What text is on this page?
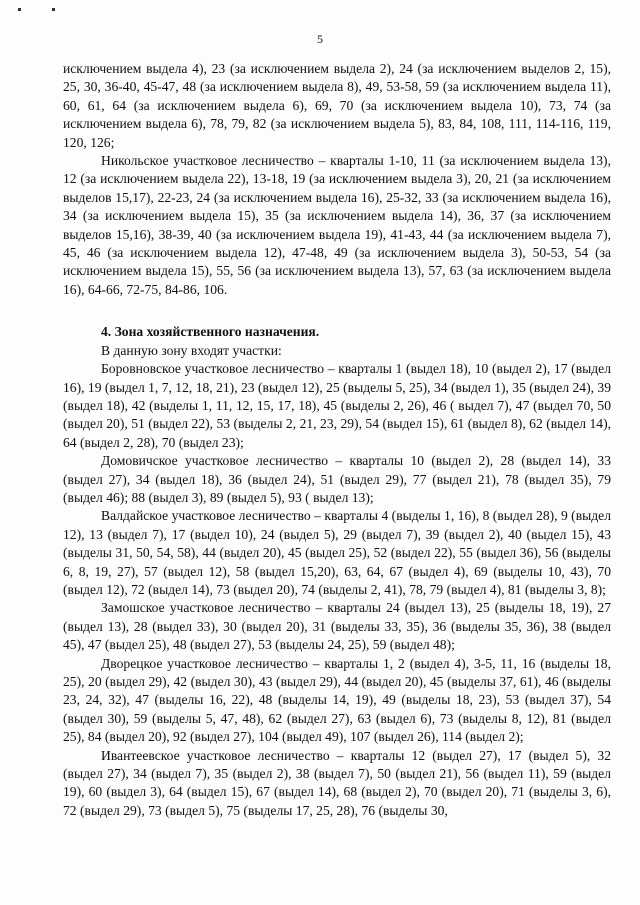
5

исключением выдела 4), 23 (за исключением выдела 2), 24 (за исключением выделов 2, 15), 25, 30, 36-40, 45-47, 48 (за исключением выдела 8), 49, 53-58, 59 (за исключением выдела 11), 60, 61, 64 (за исключением выдела 6), 69, 70 (за исключением выдела 10), 73, 74 (за исключением выдела 6), 78, 79, 82 (за исключением выдела 5), 83, 84, 108, 111, 114-116, 119, 120, 126;

Никольское участковое лесничество – кварталы 1-10, 11 (за исключением выдела 13), 12 (за исключением выдела 22), 13-18, 19 (за исключением выдела 3), 20, 21 (за исключением выделов 15,17), 22-23, 24 (за исключением выдела 16), 25-32, 33 (за исключением выдела 16), 34 (за исключением выдела 15), 35 (за исключением выдела 14), 36, 37 (за исключением выделов 15,16), 38-39, 40 (за исключением выдела 19), 41-43, 44 (за исключением выдела 7), 45, 46 (за исключением выдела 12), 47-48, 49 (за исключением выдела 3), 50-53, 54 (за исключением выдела 15), 55, 56 (за исключением выдела 13), 57, 63 (за исключением выдела 16), 64-66, 72-75, 84-86, 106.

4. Зона хозяйственного назначения.

В данную зону входят участки:

Боровновское участковое лесничество – кварталы 1 (выдел 18), 10 (выдел 2), 17 (выдел 16), 19 (выдел 1, 7, 12, 18, 21), 23 (выдел 12), 25 (выделы 5, 25), 34 (выдел 1), 35 (выдел 24), 39 (выдел 18), 42 (выделы 1, 11, 12, 15, 17, 18), 45 (выделы 2, 26), 46 ( выдел 7), 47 (выдел 70, 50 (выдел 20), 51 (выдел 22), 53 (выделы 2, 21, 23, 29), 54 (выдел 15), 61 (выдел 8), 62 (выдел 14), 64 (выдел 2, 28), 70 (выдел 23);

Домовичское участковое лесничество – кварталы 10 (выдел 2), 28 (выдел 14), 33 (выдел 27), 34 (выдел 18), 36 (выдел 24), 51 (выдел 29), 77 (выдел 21), 78 (выдел 35), 79 (выдел 46); 88 (выдел 3), 89 (выдел 5), 93 ( выдел 13);

Валдайское участковое лесничество – кварталы 4 (выделы 1, 16), 8 (выдел 28), 9 (выдел 12), 13 (выдел 7), 17 (выдел 10), 24 (выдел 5), 29 (выдел 7), 39 (выдел 2), 40 (выдел 15), 43 (выделы 31, 50, 54, 58), 44 (выдел 20), 45 (выдел 25), 52 (выдел 22), 55 (выдел 36), 56 (выделы 6, 8, 19, 27), 57 (выдел 12), 58 (выдел 15,20), 63, 64, 67 (выдел 4), 69 (выделы 10, 43), 70 (выдел 12), 72 (выдел 14), 73 (выдел 20), 74 (выделы 2, 41), 78, 79 (выдел 4), 81 (выделы 3, 8);

Замошское участковое лесничество – кварталы 24 (выдел 13), 25 (выделы 18, 19), 27 (выдел 13), 28 (выдел 33), 30 (выдел 20), 31 (выделы 33, 35), 36 (выделы 35, 36), 38 (выдел 45), 47 (выдел 25), 48 (выдел 27), 53 (выделы 24, 25), 59 (выдел 48);

Дворецкое участковое лесничество – кварталы 1, 2 (выдел 4), 3-5, 11, 16 (выделы 18, 25), 20 (выдел 29), 42 (выдел 30), 43 (выдел 29), 44 (выдел 20), 45 (выделы 37, 61), 46 (выделы 23, 24, 32), 47 (выделы 16, 22), 48 (выделы 14, 19), 49 (выделы 18, 23), 53 (выдел 37), 54 (выдел 30), 59 (выделы 5, 47, 48), 62 (выдел 27), 63 (выдел 6), 73 (выделы 8, 12), 81 (выдел 25), 84 (выдел 20), 92 (выдел 27), 104 (выдел 49), 107 (выдел 26), 114 (выдел 2);

Ивантеевское участковое лесничество – кварталы 12 (выдел 27), 17 (выдел 5), 32 (выдел 27), 34 (выдел 7), 35 (выдел 2), 38 (выдел 7), 50 (выдел 21), 56 (выдел 11), 59 (выдел 19), 60 (выдел 3), 64 (выдел 15), 67 (выдел 14), 68 (выдел 2), 70 (выдел 20), 71 (выделы 3, 6), 72 (выдел 29), 73 (выдел 5), 75 (выделы 17, 25, 28), 76 (выделы 30,
